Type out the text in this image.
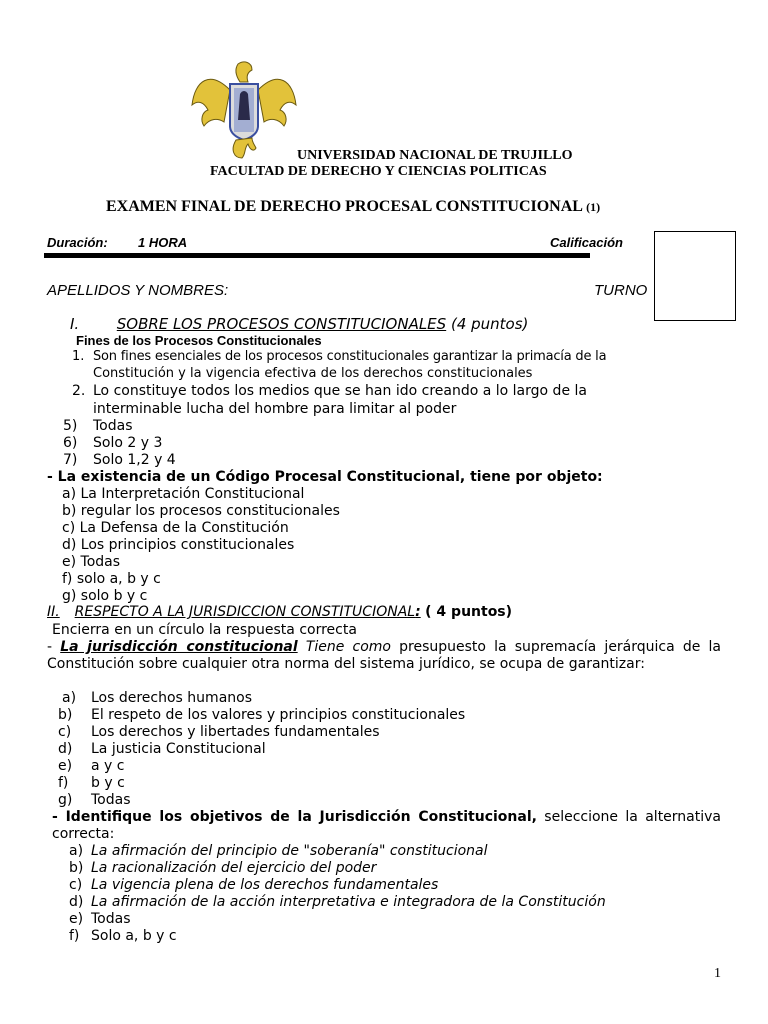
UNIVERSIDAD NACIONAL DE TRUJILLO
FACULTAD DE DERECHO Y CIENCIAS POLITICAS
EXAMEN FINAL DE DERECHO PROCESAL CONSTITUCIONAL (1)
Duración: 1 HORA	Calificación
APELLIDOS Y NOMBRES:	TURNO
I.	SOBRE LOS PROCESOS CONSTITUCIONALES (4 puntos)
Fines de los Procesos Constitucionales
1. Son fines esenciales de los procesos constitucionales garantizar la primacía de la
Constitución y la vigencia efectiva de los derechos constitucionales
2. Lo constituye todos los medios que se han ido creando a lo largo de la
interminable lucha del hombre para limitar al poder
5) Todas
6) Solo 2 y 3
7) Solo 1,2 y 4
- La existencia de un Código Procesal Constitucional, tiene por objeto:
a) La Interpretación Constitucional
b) regular los procesos constitucionales
c) La Defensa de la Constitución
d) Los principios constitucionales
e) Todas
f) solo a, b y c
g) solo b y c
II. RESPECTO A LA JURISDICCION CONSTITUCIONAL: ( 4 puntos)
Encierra en un círculo la respuesta correcta
- La jurisdicción constitucional Tiene como presupuesto la supremacía jerárquica de la Constitución sobre cualquier otra norma del sistema jurídico, se ocupa de garantizar:
a) Los derechos humanos
b) El respeto de los valores y principios constitucionales
c) Los derechos y libertades fundamentales
d) La justicia Constitucional
e) a y c
f) b y c
g) Todas
- Identifique los objetivos de la Jurisdicción Constitucional, seleccione la alternativa correcta:
a) La afirmación del principio de "soberanía" constitucional
b) La racionalización del ejercicio del poder
c) La vigencia plena de los derechos fundamentales
d) La afirmación de la acción interpretativa e integradora de la Constitución
e) Todas
f) Solo a, b y c
1
